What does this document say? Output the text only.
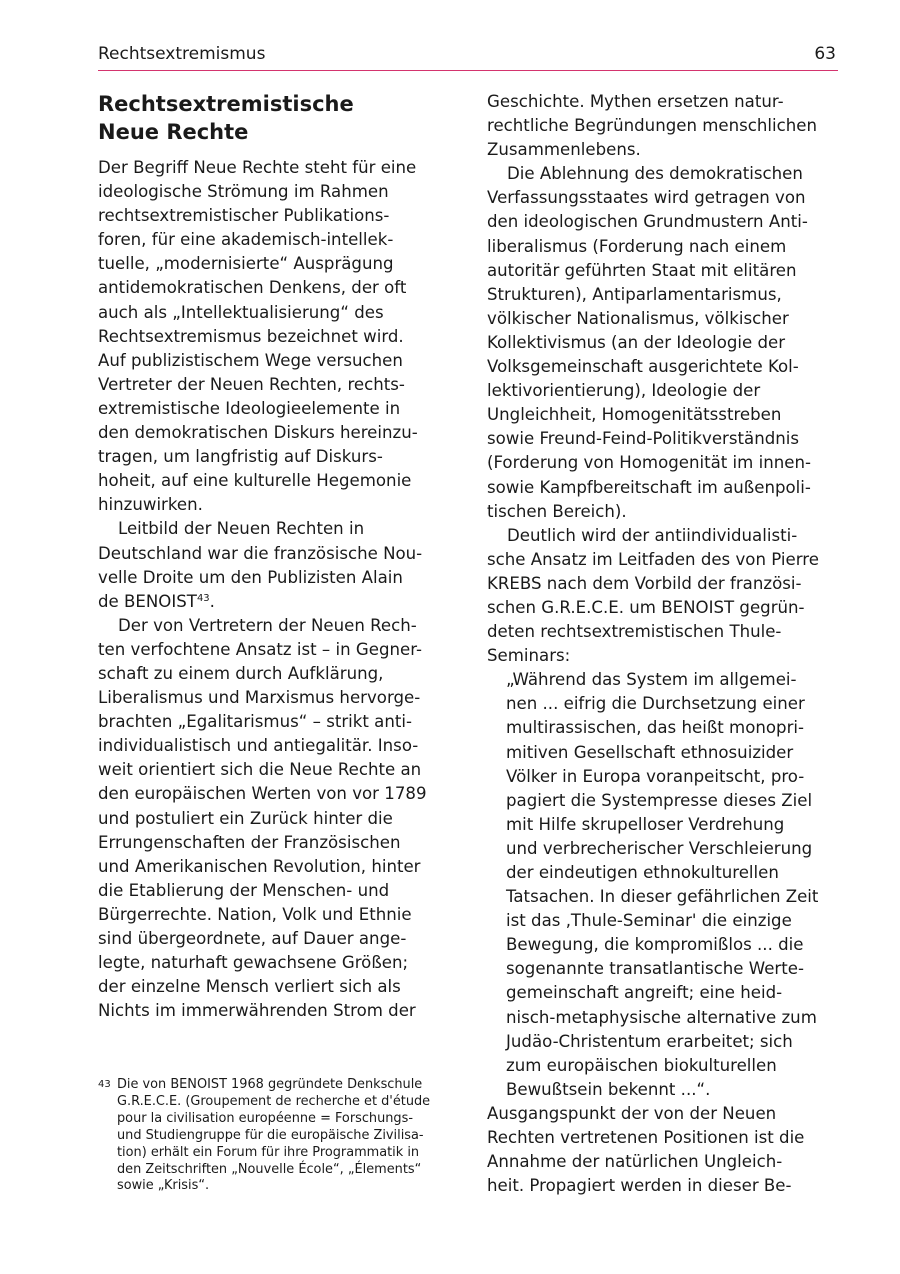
Rechtsextremismus	63
Rechtsextremistische
Neue Rechte
Der Begriff Neue Rechte steht für eine
ideologische Strömung im Rahmen
rechtsextremistischer Publikations-
foren, für eine akademisch-intellek-
tuelle, „modernisierte“ Ausprägung
antidemokratischen Denkens, der oft
auch als „Intellektualisierung“ des
Rechtsextremismus bezeichnet wird.
Auf publizistischem Wege versuchen
Vertreter der Neuen Rechten, rechts-
extremistische Ideologieelemente in
den demokratischen Diskurs hereinzu-
tragen, um langfristig auf Diskurs-
hoheit, auf eine kulturelle Hegemonie
hinzuwirken.
Leitbild der Neuen Rechten in
Deutschland war die französische Nou-
velle Droite um den Publizisten Alain
de BENOIST$^{43}$.
Der von Vertretern der Neuen Rech-
ten verfochtene Ansatz ist – in Gegner-
schaft zu einem durch Aufklärung,
Liberalismus und Marxismus hervorge-
brachten „Egalitarismus“ – strikt anti-
individualistisch und antiegalitär. Inso-
weit orientiert sich die Neue Rechte an
den europäischen Werten von vor 1789
und postuliert ein Zurück hinter die
Errungenschaften der Französischen
und Amerikanischen Revolution, hinter
die Etablierung der Menschen- und
Bürgerrechte. Nation, Volk und Ethnie
sind übergeordnete, auf Dauer ange-
legte, naturhaft gewachsene Größen;
der einzelne Mensch verliert sich als
Nichts im immerwährenden Strom der
43 Die von BENOIST 1968 gegründete Denkschule
G.R.E.C.E. (Groupement de recherche et d'étude
pour la civilisation européenne = Forschungs-
und Studiengruppe für die europäische Zivilisa-
tion) erhält ein Forum für ihre Programmatik in
den Zeitschriften „Nouvelle École“, „Élements“
sowie „Krisis“.
Geschichte. Mythen ersetzen natur-
rechtliche Begründungen menschlichen
Zusammenlebens.
Die Ablehnung des demokratischen
Verfassungsstaates wird getragen von
den ideologischen Grundmustern Anti-
liberalismus (Forderung nach einem
autoritär geführten Staat mit elitären
Strukturen), Antiparlamentarismus,
völkischer Nationalismus, völkischer
Kollektivismus (an der Ideologie der
Volksgemeinschaft ausgerichtete Kol-
lektivorientierung), Ideologie der
Ungleichheit, Homogenitätsstreben
sowie Freund-Feind-Politikverständnis
(Forderung von Homogenität im innen-
sowie Kampfbereitschaft im außenpoli-
tischen Bereich).
Deutlich wird der antiindividualisti-
sche Ansatz im Leitfaden des von Pierre
KREBS nach dem Vorbild der französi-
schen G.R.E.C.E. um BENOIST gegrün-
deten rechtsextremistischen Thule-
Seminars:
„Während das System im allgemei-
nen ... eifrig die Durchsetzung einer
multirassischen, das heißt monopri-
mitiven Gesellschaft ethnosuizider
Völker in Europa voranpeitscht, pro-
pagiert die Systempresse dieses Ziel
mit Hilfe skrupelloser Verdrehung
und verbrecherischer Verschleierung
der eindeutigen ethnokulturellen
Tatsachen. In dieser gefährlichen Zeit
ist das ‚Thule-Seminar' die einzige
Bewegung, die kompromißlos ... die
sogenannte transatlantische Werte-
gemeinschaft angreift; eine heid-
nisch-metaphysische alternative zum
Judäo-Christentum erarbeitet; sich
zum europäischen biokulturellen
Bewußtsein bekennt ...“.
Ausgangspunkt der von der Neuen
Rechten vertretenen Positionen ist die
Annahme der natürlichen Ungleich-
heit. Propagiert werden in dieser Be-
